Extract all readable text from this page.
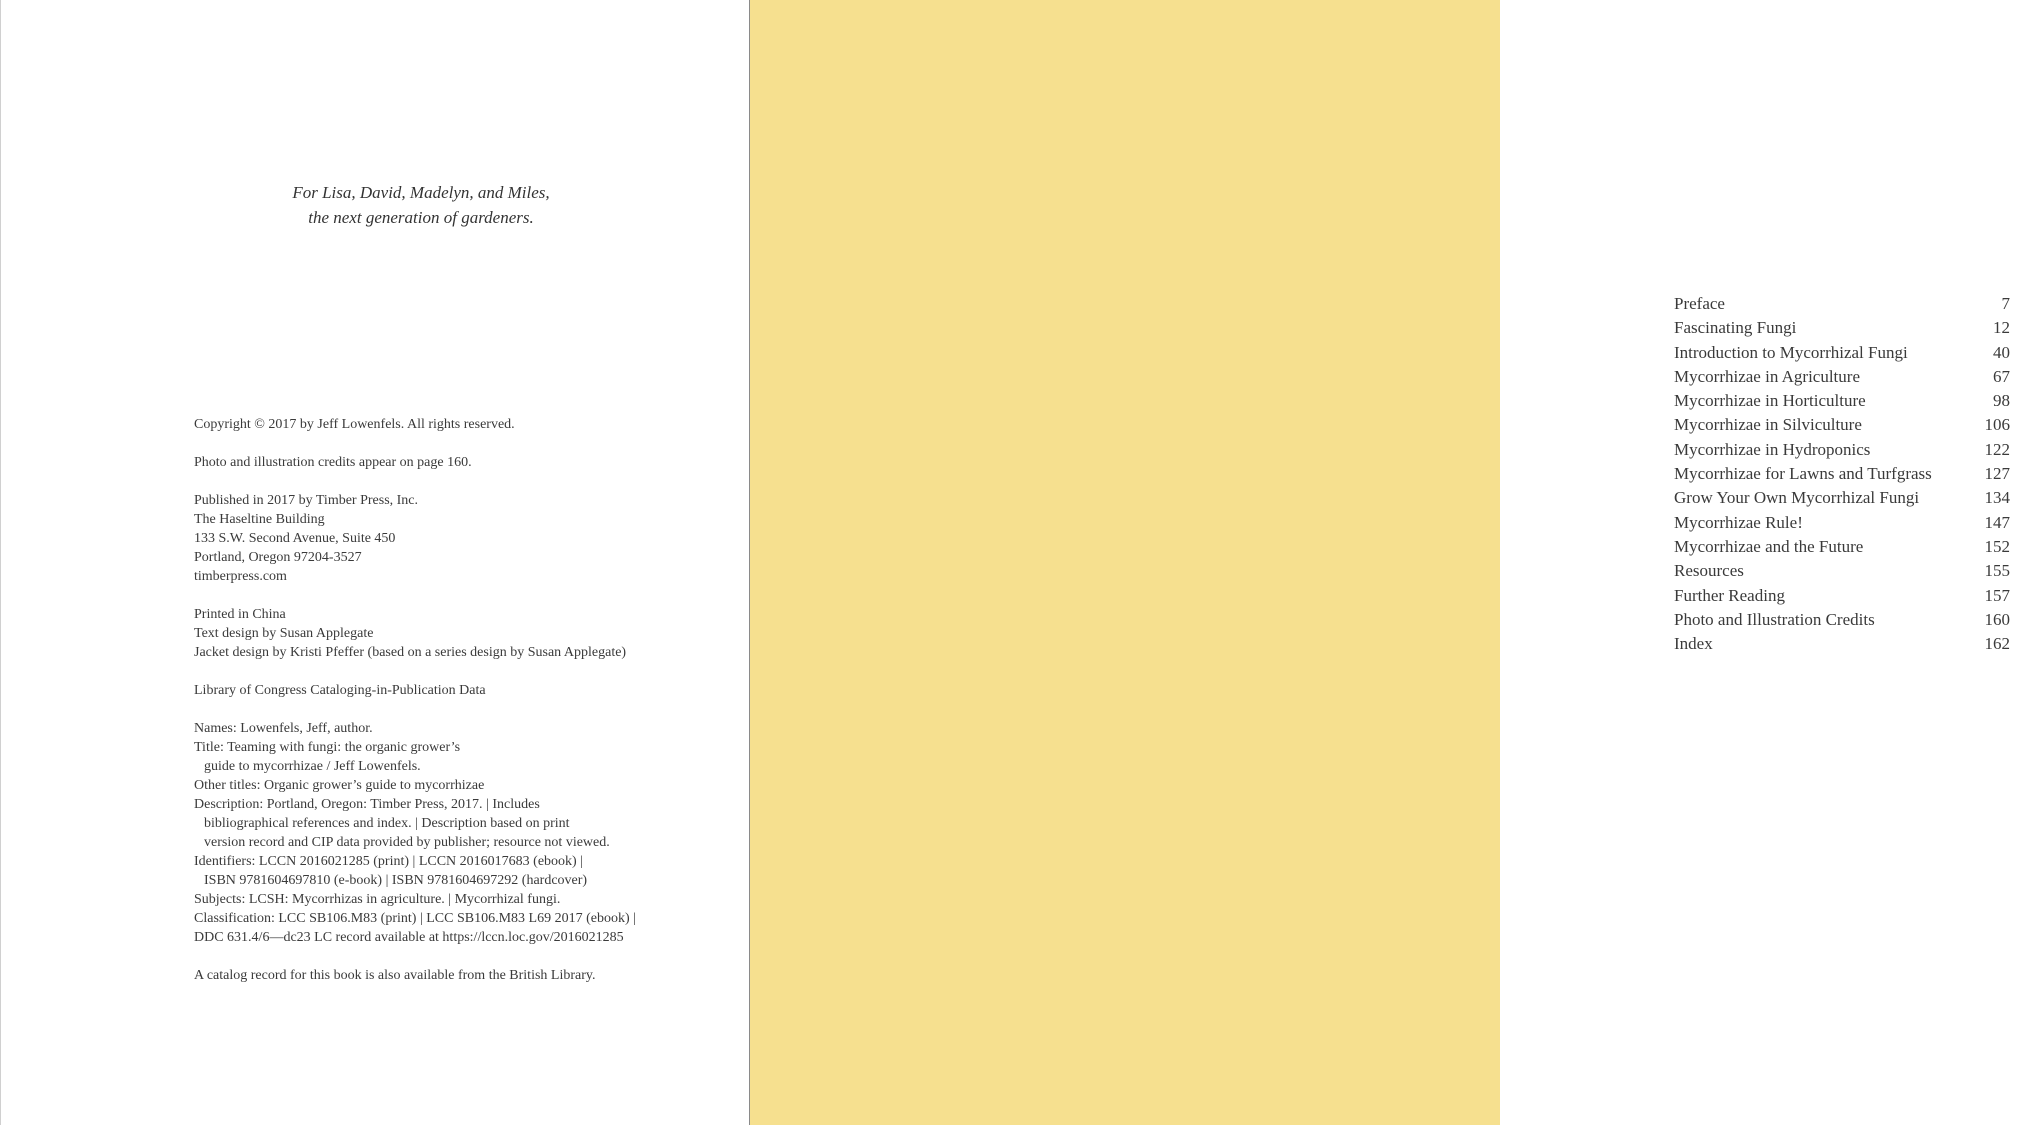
For Lisa, David, Madelyn, and Miles,
the next generation of gardeners.
Copyright © 2017 by Jeff Lowenfels. All rights reserved.
Photo and illustration credits appear on page 160.
Published in 2017 by Timber Press, Inc.
The Haseltine Building
133 S.W. Second Avenue, Suite 450
Portland, Oregon 97204-3527
timberpress.com
Printed in China
Text design by Susan Applegate
Jacket design by Kristi Pfeffer (based on a series design by Susan Applegate)
Library of Congress Cataloging-in-Publication Data
Names: Lowenfels, Jeff, author.
Title: Teaming with fungi: the organic grower’s
guide to mycorrhizae / Jeff Lowenfels.
Other titles: Organic grower’s guide to mycorrhizae
Description: Portland, Oregon: Timber Press, 2017. | Includes
bibliographical references and index. | Description based on print
version record and CIP data provided by publisher; resource not viewed.
Identifiers: LCCN 2016021285 (print) | LCCN 2016017683 (ebook) |
ISBN 9781604697810 (e-book) | ISBN 9781604697292 (hardcover)
Subjects: LCSH: Mycorrhizas in agriculture. | Mycorrhizal fungi.
Classification: LCC SB106.M83 (print) | LCC SB106.M83 L69 2017 (ebook) |
DDC 631.4/6—dc23 LC record available at https://lccn.loc.gov/2016021285
A catalog record for this book is also available from the British Library.
CONTENTS
Preface	7
Fascinating Fungi	12
Introduction to Mycorrhizal Fungi	40
Mycorrhizae in Agriculture	67
Mycorrhizae in Horticulture	98
Mycorrhizae in Silviculture	106
Mycorrhizae in Hydroponics	122
Mycorrhizae for Lawns and Turfgrass	127
Grow Your Own Mycorrhizal Fungi	134
Mycorrhizae Rule!	147
Mycorrhizae and the Future	152
Resources	155
Further Reading	157
Photo and Illustration Credits	160
Index	162
